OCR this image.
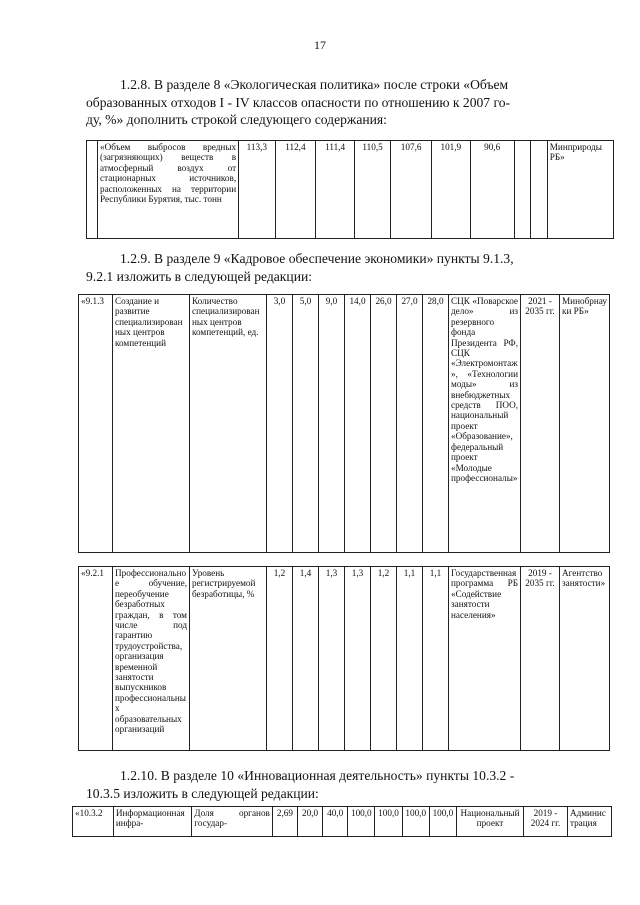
17
1.2.8. В разделе 8 «Экологическая политика» после строки «Объем
образованных отходов I - IV классов опасности по отношению к 2007 го-
ду, %» дополнить строкой следующего содержания:
	«Объем выбросов вредных (загрязняющих) веществ в атмосферный воздух от стационарных источников, расположенных на территории Республики Бурятия, тыс. тонн	113,3	112,4	111,4	110,5	107,6	101,9	90,6			Минприроды РБ»
1.2.9. В разделе 9 «Кадровое обеспечение экономики» пункты 9.1.3,
9.2.1 изложить в следующей редакции:
«9.1.3	Создание и развитие специализированных центров компетенций	Количество специализированных центров компетенций, ед.	3,0	5,0	9,0	14,0	26,0	27,0	28,0	СЦК «Поварское дело» из резервного фонда Президента РФ, СЦК «Электромонтаж», «Технологии моды» из внебюджетных средств ПОО, национальный проект «Образование», федеральный проект «Молодые профессионалы»	2021 - 2035 гг.	Минобрнауки РБ»
«9.2.1	Профессиональное обучение, переобучение безработных граждан, в том числе под гарантию трудоустройства, организация временной занятости выпускников профессиональных образовательных организаций	Уровень регистрируемой безработицы, %	1,2	1,4	1,3	1,3	1,2	1,1	1,1	Государственная программа РБ «Содействие занятости населения»	2019 - 2035 гг.	Агентство занятости»
1.2.10. В разделе 10 «Инновационная деятельность» пункты 10.3.2 -
10.3.5 изложить в следующей редакции:
«10.3.2	Информационная инфра-	Доля органов государ-	2,69	20,0	40,0	100,0	100,0	100,0	100,0	Национальный проект	2019 - 2024 гг.	Администрация
